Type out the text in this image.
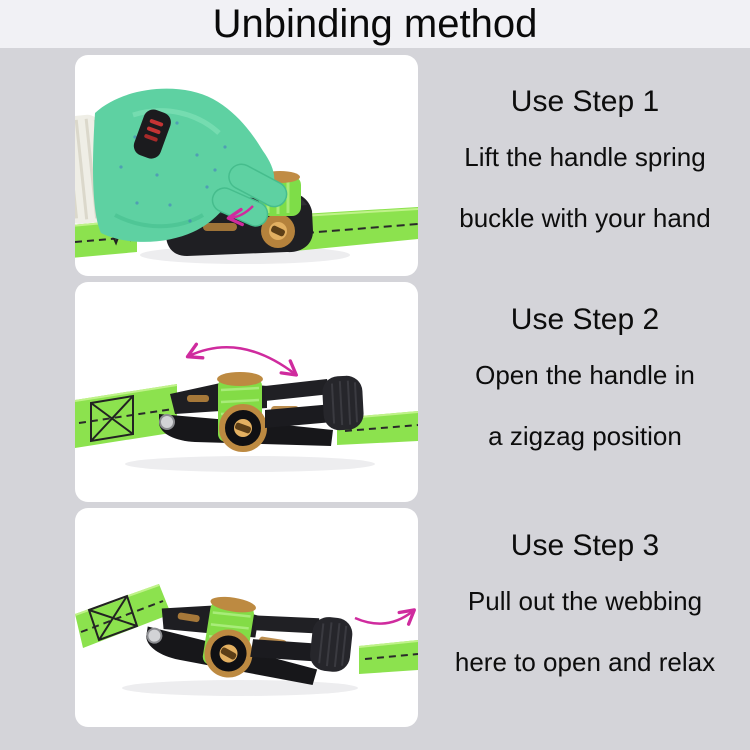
Unbinding method
Use Step 1
Lift the handle spring
buckle with your hand
Use Step 2
Open the handle in
a zigzag position
Use Step 3
Pull out the webbing
here to open and relax
